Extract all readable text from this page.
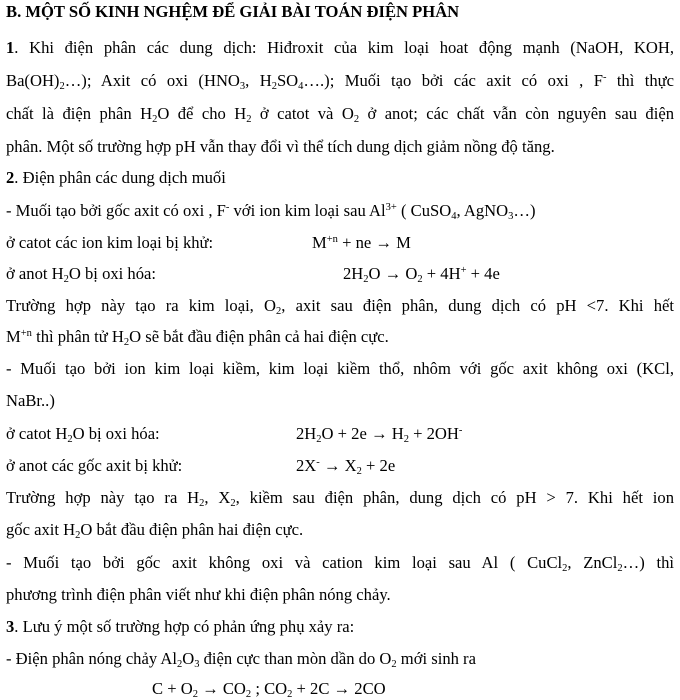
B. MỘT SỐ KINH NGHỆM ĐỂ GIẢI BÀI TOÁN ĐIỆN PHÂN
1. Khi điện phân các dung dịch: Hiđroxit của kim loại hoat động mạnh (NaOH, KOH,
$Ba(OH)_2\dots$); Axit có oxi ($HNO_3$, $H_2SO_4\dots$.); Muối tạo bởi các axit có oxi , F- thì thực
chất là điện phân $H_2O$ để cho $H_2$ ở catot và $O_2$ ở anot; các chất vẫn còn nguyên sau điện
phân. Một số trường hợp pH vẫn thay đổi vì thể tích dung dịch giảm nồng độ tăng.
2. Điện phân các dung dịch muối
- Muối tạo bởi gốc axit có oxi , F- với ion kim loại sau $Al^{3+}$ ( CuSO$_4$, AgNO$_3$…)
ở catot các ion kim loại bị khử:	$M^{+n}$ + ne → M
ở anot $H_2O$ bị oxi hóa:	$2H_2O \to O_2 + 4H^+ + 4e$
Trường hợp này tạo ra kim loại, $O_2$, axit sau điện phân, dung dịch có pH <7. Khi hết
$M^{+n}$ thì phân tử $H_2O$ sẽ bắt đầu điện phân cả hai điện cực.
- Muối tạo bởi ion kim loại kiềm, kim loại kiềm thổ, nhôm với gốc axit không oxi (KCl,
NaBr..)
ở catot $H_2O$ bị oxi hóa:	$2H_2O + 2e \to H_2 + 2OH^-$
ở anot các gốc axit bị khử:	$2X^- \to X_2 + 2e$
Trường hợp này tạo ra $H_2$, $X_2$, kiềm sau điện phân, dung dịch có pH > 7. Khi hết ion
gốc axit $H_2O$ bắt đầu điện phân hai điện cực.
- Muối tạo bởi gốc axit không oxi và cation kim loại sau Al ( CuCl$_2$, ZnCl$_2$…) thì
phương trình điện phân viết như khi điện phân nóng chảy.
3. Lưu ý một số trường hợp có phản ứng phụ xảy ra:
- Điện phân nóng chảy $Al_2O_3$ điện cực than mòn dần do $O_2$ mới sinh ra
$C + O_2 \to CO_2$ ; $CO_2 + 2C \to 2CO$
